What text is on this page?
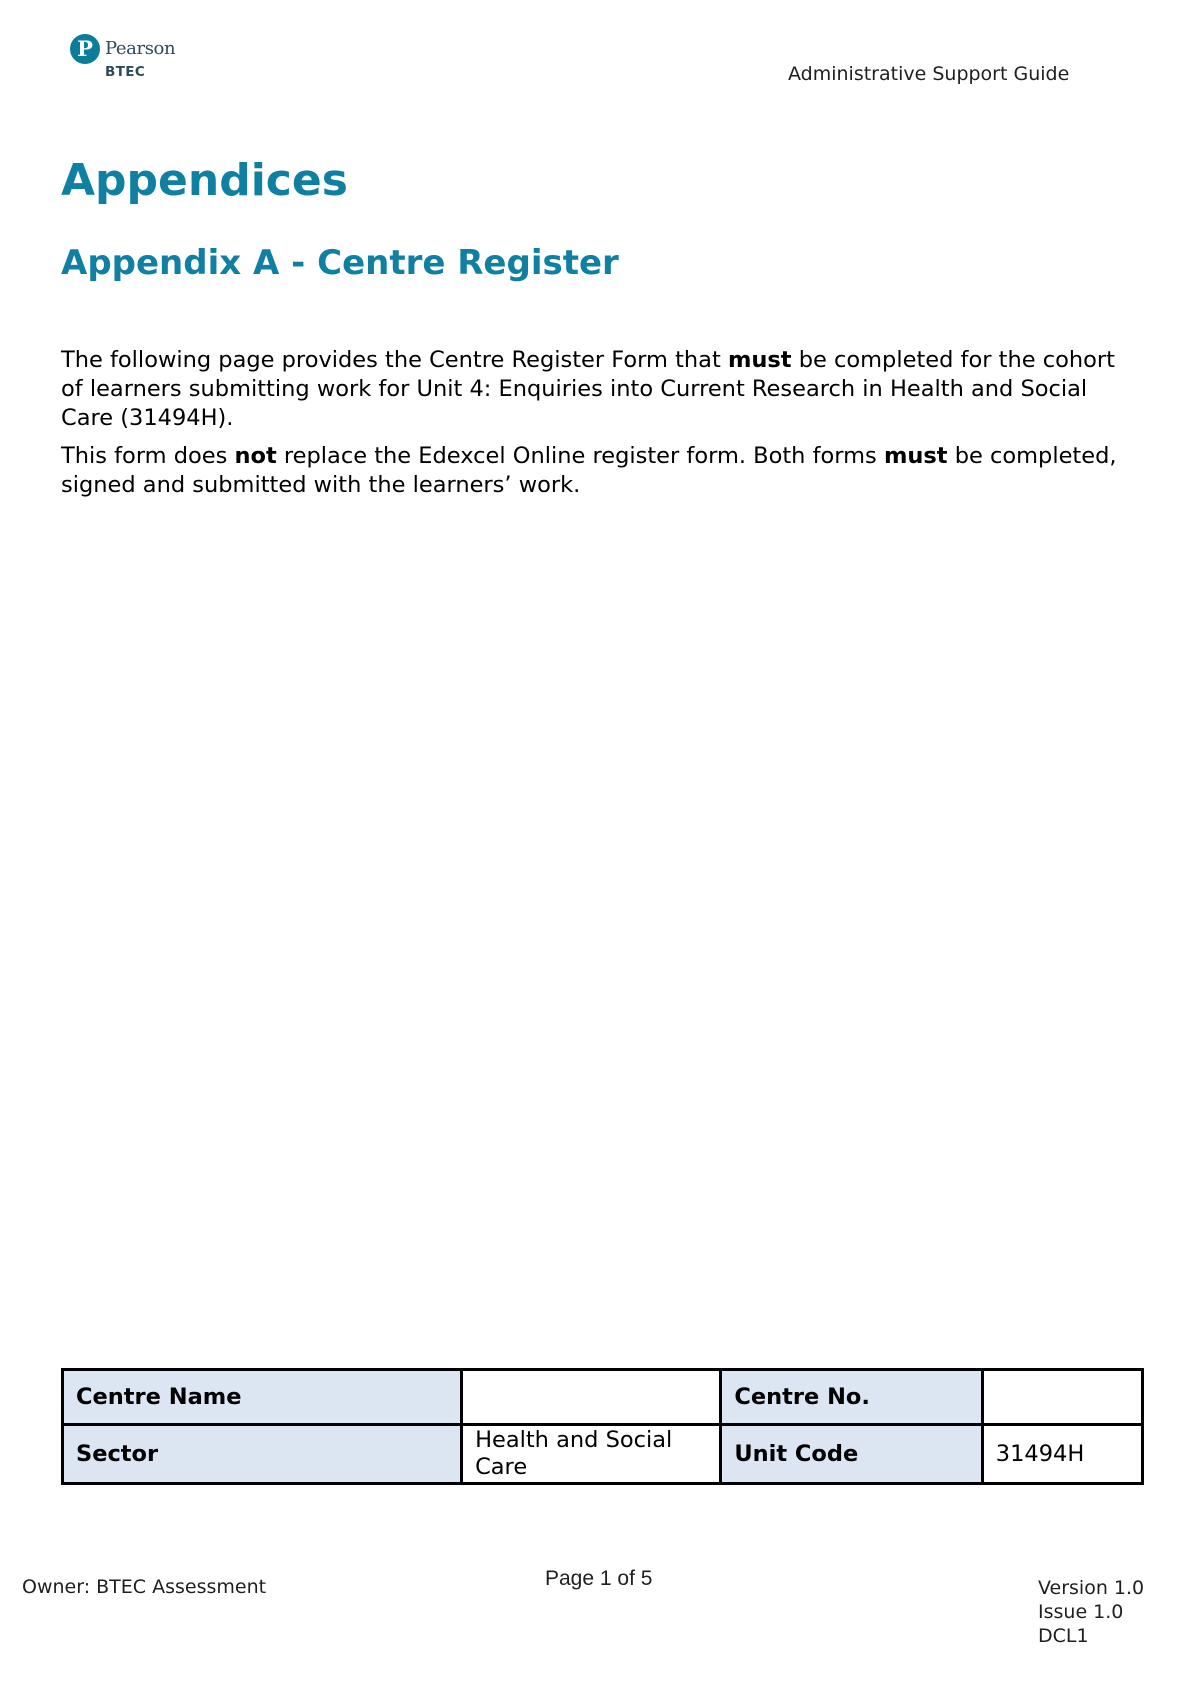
P Pearson
BTEC	Administrative Support Guide
Appendices
Appendix A - Centre Register

The following page provides the Centre Register Form that must be completed for the cohort of learners submitting work for Unit 4: Enquiries into Current Research in Health and Social Care (31494H).

This form does not replace the Edexcel Online register form. Both forms must be completed, signed and submitted with the learners’ work.

Centre Name		Centre No.	
Sector	Health and Social Care	Unit Code	31494H
Owner: BTEC Assessment	Page 1 of 5	Version 1.0
Issue 1.0
DCL1
